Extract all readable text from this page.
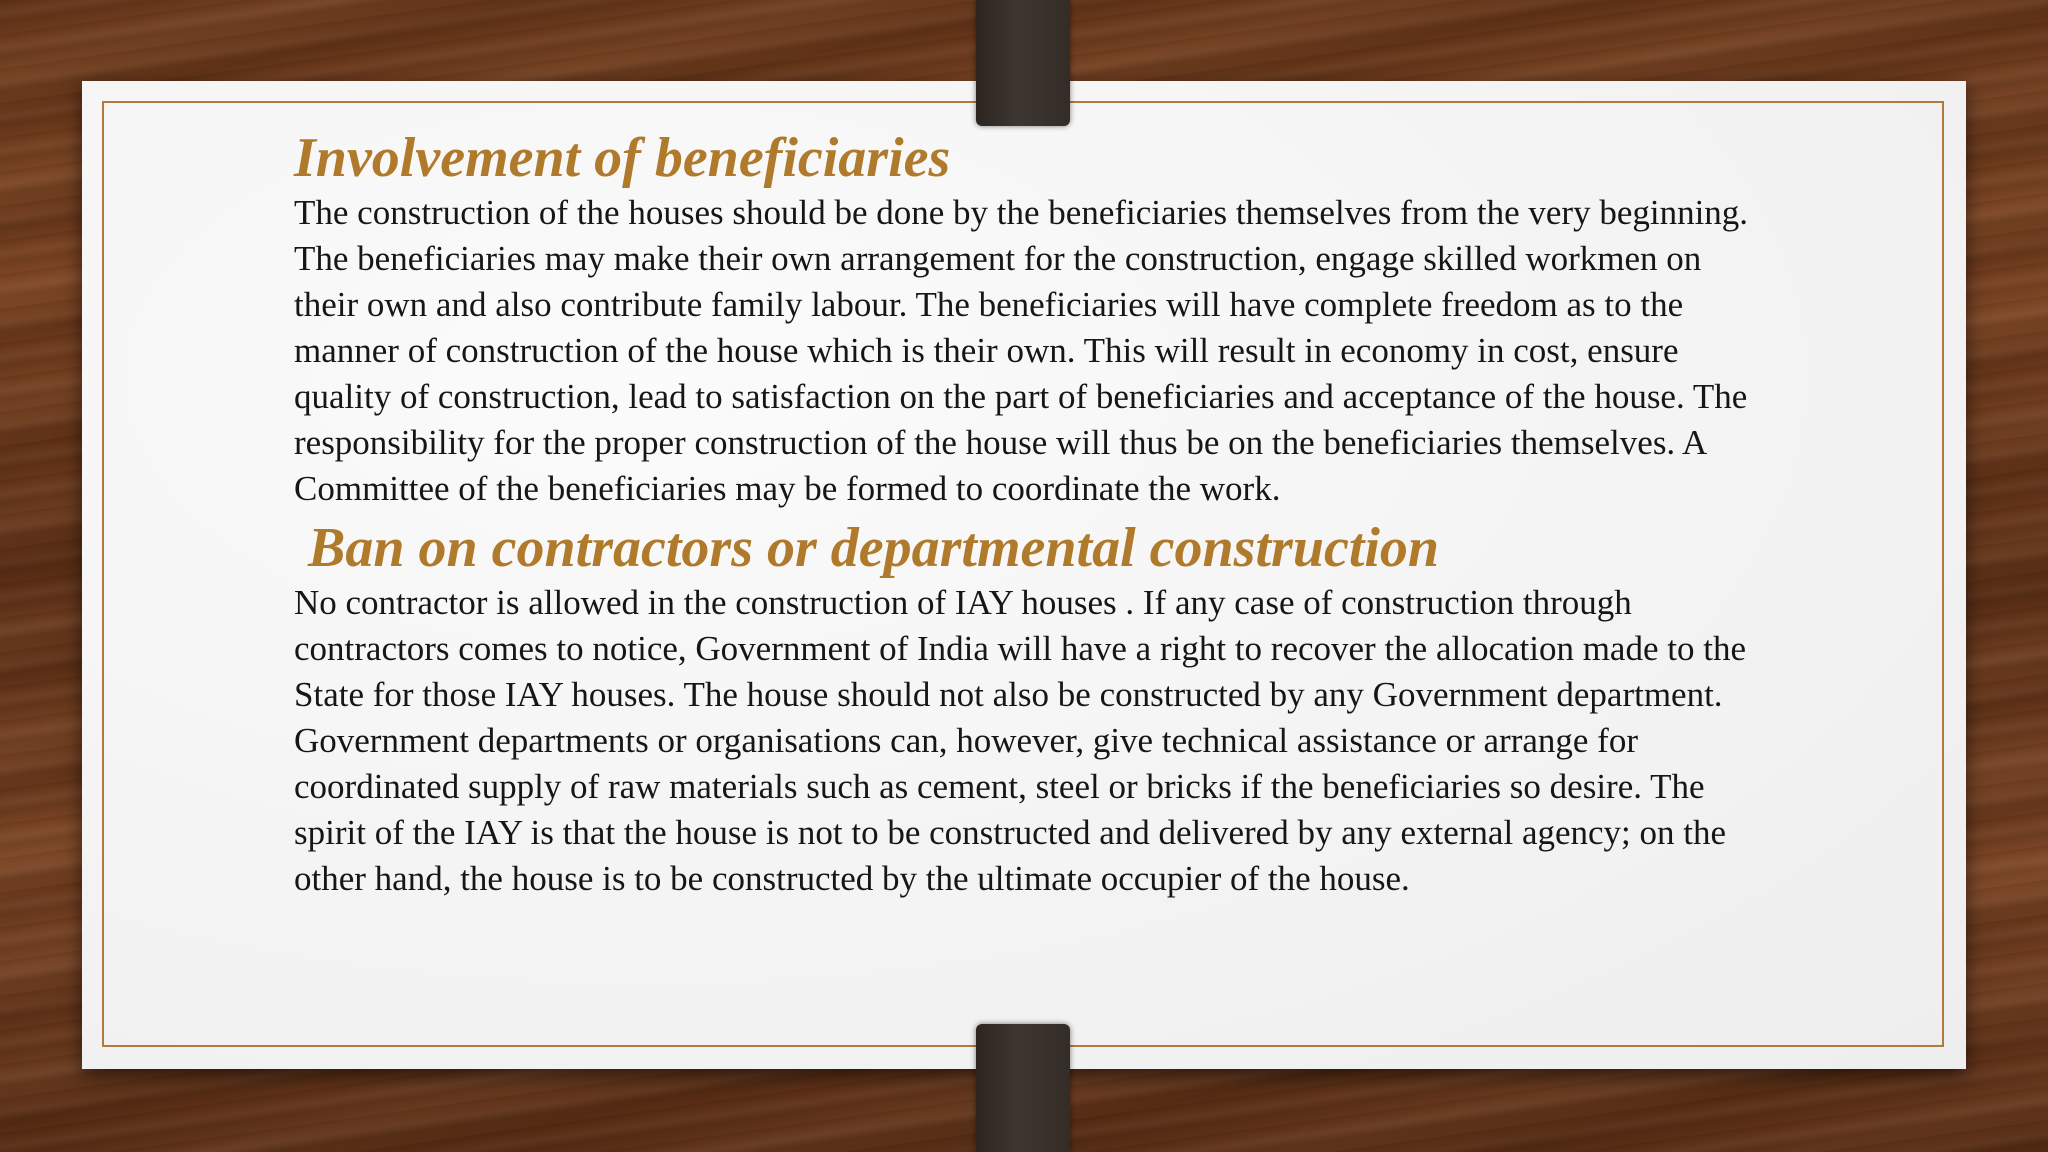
Involvement of beneficiaries

The construction of the houses should be done by the beneficiaries themselves from the very beginning. The beneficiaries may make their own arrangement for the construction, engage skilled workmen on their own and also contribute family labour. The beneficiaries will have complete freedom as to the manner of construction of the house which is their own. This will result in economy in cost, ensure quality of construction, lead to satisfaction on the part of beneficiaries and acceptance of the house. The responsibility for the proper construction of the house will thus be on the beneficiaries themselves. A Committee of the beneficiaries may be formed to coordinate the work.

Ban on contractors or departmental construction

No contractor is allowed in the construction of IAY houses . If any case of construction through contractors comes to notice, Government of India will have a right to recover the allocation made to the State for those IAY houses. The house should not also be constructed by any Government department. Government departments or organisations can, however, give technical assistance or arrange for coordinated supply of raw materials such as cement, steel or bricks if the beneficiaries so desire. The spirit of the IAY is that the house is not to be constructed and delivered by any external agency; on the other hand, the house is to be constructed by the ultimate occupier of the house.
